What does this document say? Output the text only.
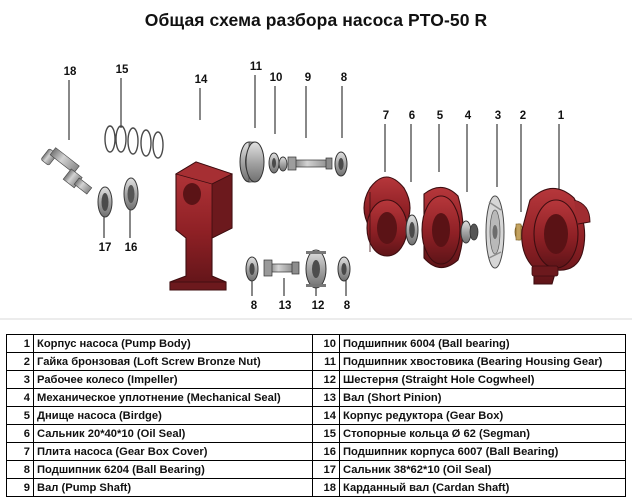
Общая схема разбора насоса PTO-50 R
18	15
14
11
10	9	8
7	6	5	4	3	2	1
17 16
8	13 12	8
1	Корпус насоса (Pump Body)	10	Подшипник 6004 (Ball bearing)
2	Гайка бронзовая (Loft Screw Bronze Nut)	11	Подшипник хвостовика (Bearing Housing Gear)
3	Рабочее колесо (Impeller)	12	Шестерня (Straight Hole Cogwheel)
4	Механическое уплотнение (Mechanical Seal)	13	Вал (Short Pinion)
5	Днище насоса (Birdge)	14	Корпус редуктора (Gear Box)
6	Сальник 20*40*10 (Oil Seal)	15	Стопорные кольца Ø 62 (Segman)
7	Плита насоса (Gear Box Cover)	16	Подшипник корпуса 6007 (Ball Bearing)
8	Подшипник 6204 (Ball Bearing)	17	Сальник 38*62*10 (Oil Seal)
9	Вал (Pump Shaft)	18	Карданный вал (Cardan Shaft)
